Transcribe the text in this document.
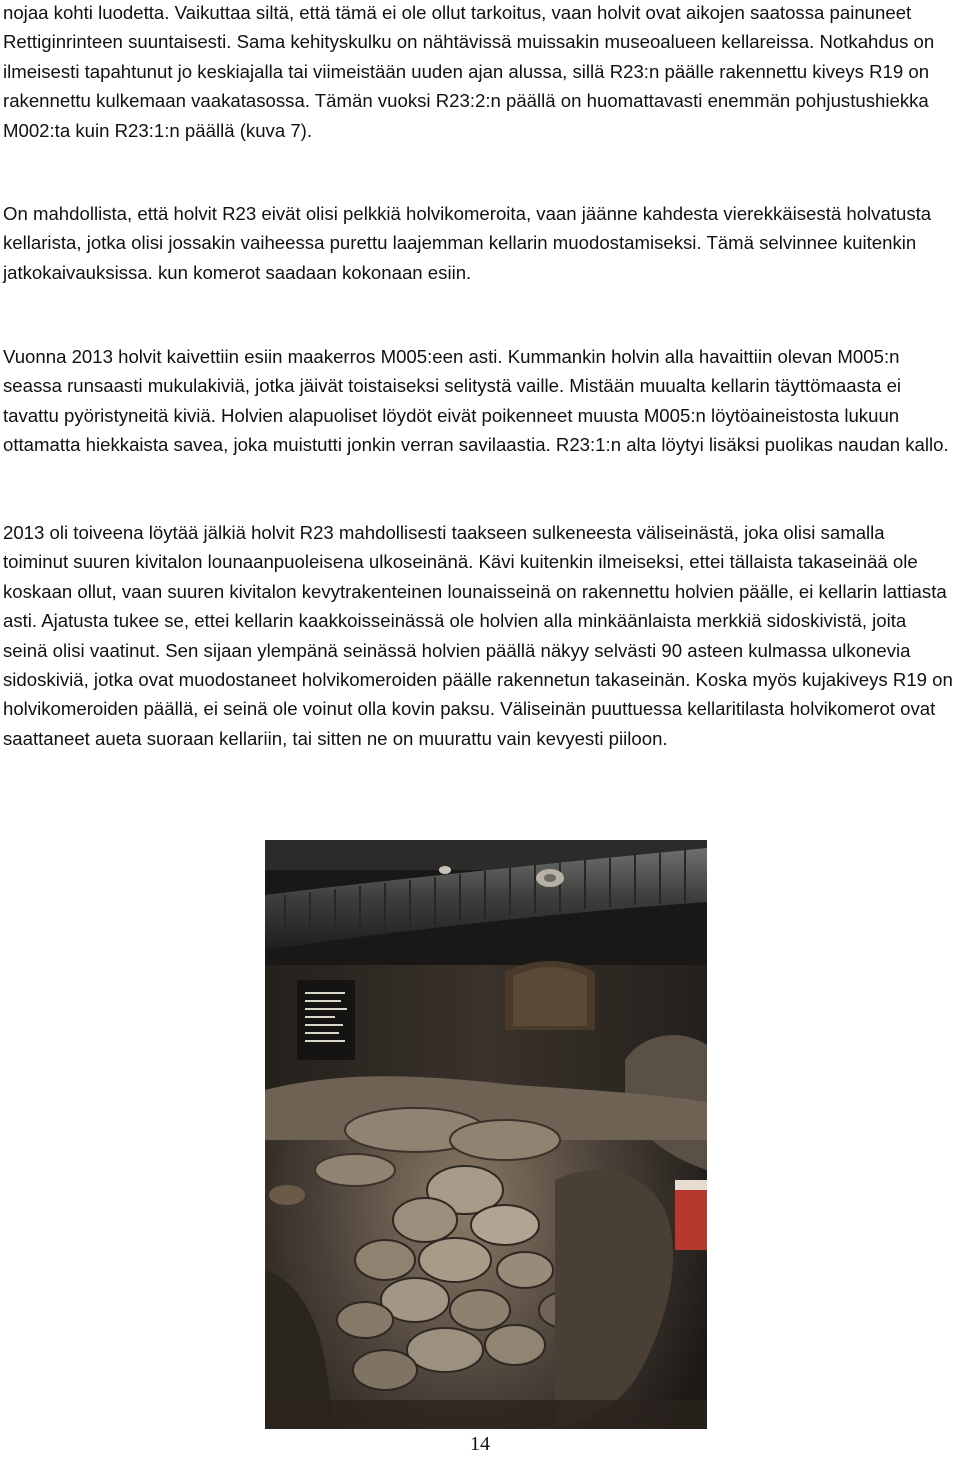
nojaa kohti luodetta. Vaikuttaa siltä, että tämä ei ole ollut tarkoitus, vaan holvit ovat aikojen saatossa painuneet Rettiginrinteen suuntaisesti. Sama kehityskulku on nähtävissä muissakin museoalueen kellareissa. Notkahdus on ilmeisesti tapahtunut jo keskiajalla tai viimeistään uuden ajan alussa, sillä R23:n päälle rakennettu kiveys R19 on rakennettu kulkemaan vaakatasossa. Tämän vuoksi R23:2:n päällä on huomattavasti enemmän pohjustushiekka M002:ta kuin R23:1:n päällä (kuva 7).

On mahdollista, että holvit R23 eivät olisi pelkkiä holvikomeroita, vaan jäänne kahdesta vierekkäisestä holvatusta kellarista, jotka olisi jossakin vaiheessa purettu laajemman kellarin muodostamiseksi. Tämä selvinnee kuitenkin jatkokaivauksissa. kun komerot saadaan kokonaan esiin.

Vuonna 2013 holvit kaivettiin esiin maakerros M005:een asti. Kummankin holvin alla havaittiin olevan M005:n seassa runsaasti mukulakiviä, jotka jäivät toistaiseksi selitystä vaille. Mistään muualta kellarin täyttömaasta ei tavattu pyöristyneitä kiviä. Holvien alapuoliset löydöt eivät poikenneet muusta M005:n löytöaineistosta lukuun ottamatta hiekkaista savea, joka muistutti jonkin verran savilaastia. R23:1:n alta löytyi lisäksi puolikas naudan kallo.

2013 oli toiveena löytää jälkiä holvit R23 mahdollisesti taakseen sulkeneesta väliseinästä, joka olisi samalla toiminut suuren kivitalon lounaanpuoleisena ulkoseinänä. Kävi kuitenkin ilmeiseksi, ettei tällaista takaseinää ole koskaan ollut, vaan suuren kivitalon kevytrakenteinen lounaisseinä on rakennettu holvien päälle, ei kellarin lattiasta asti. Ajatusta tukee se, ettei kellarin kaakkoisseinässä ole holvien alla minkäänlaista merkkiä sidoskivistä, joita seinä olisi vaatinut. Sen sijaan ylempänä seinässä holvien päällä näkyy selvästi 90 asteen kulmassa ulkonevia sidoskiviä, jotka ovat muodostaneet holvikomeroiden päälle rakennetun takaseinän. Koska myös kujakiveys R19 on holvikomeroiden päällä, ei seinä ole voinut olla kovin paksu. Väliseinän puuttuessa kellaritilasta holvikomerot ovat saattaneet aueta suoraan kellariin, tai sitten ne on muurattu vain kevyesti piiloon.

14
